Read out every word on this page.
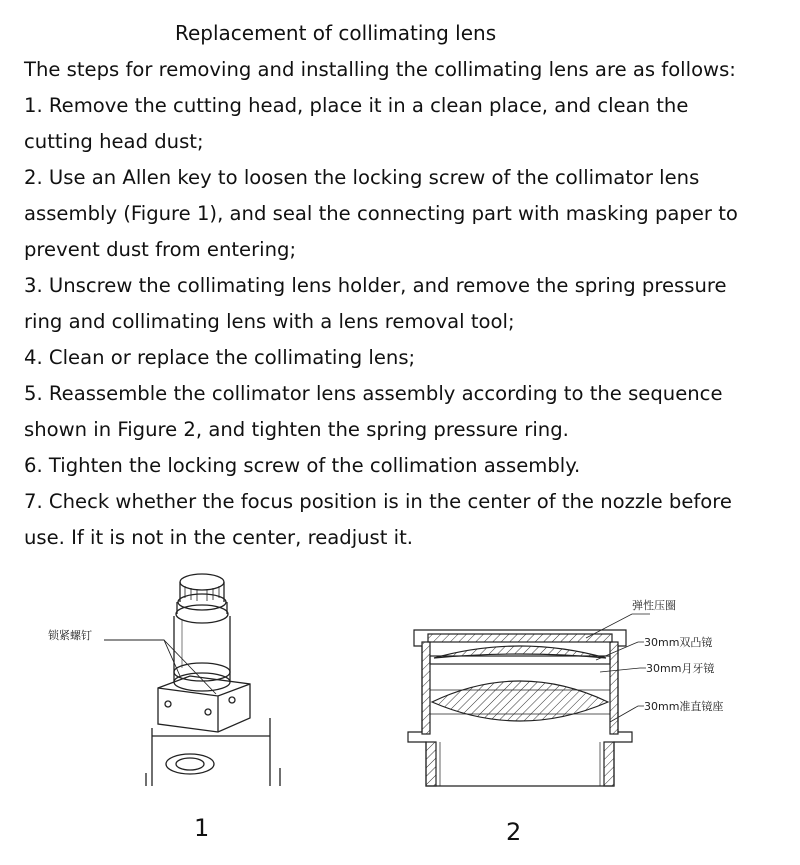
Replacement of collimating lens
The steps for removing and installing the collimating lens are as follows:
1. Remove the cutting head, place it in a clean place, and clean the
cutting head dust;
2. Use an Allen key to loosen the locking screw of the collimator lens
assembly (Figure 1), and seal the connecting part with masking paper to
prevent dust from entering;
3. Unscrew the collimating lens holder, and remove the spring pressure
ring and collimating lens with a lens removal tool;
4. Clean or replace the collimating lens;
5. Reassemble the collimator lens assembly according to the sequence
shown in Figure 2, and tighten the spring pressure ring.
6. Tighten the locking screw of the collimation assembly.
7. Check whether the focus position is in the center of the nozzle before
use. If it is not in the center, readjust it.
锁紧螺钉
1
弹性压圈
30mm双凸镜
30mm月牙镜
30mm准直镜座
2
